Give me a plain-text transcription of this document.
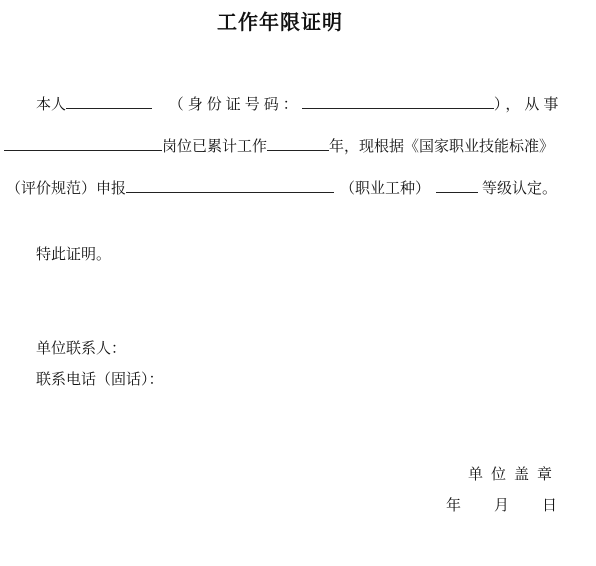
工作年限证明
本人	（身份证号码：	），从事
岗位已累计工作	年，现根据《国家职业技能标准》
（评价规范）申报	（职业工种）	等级认定。
特此证明。
单位联系人：
联系电话（固话）：
单位盖章
年 月 日
